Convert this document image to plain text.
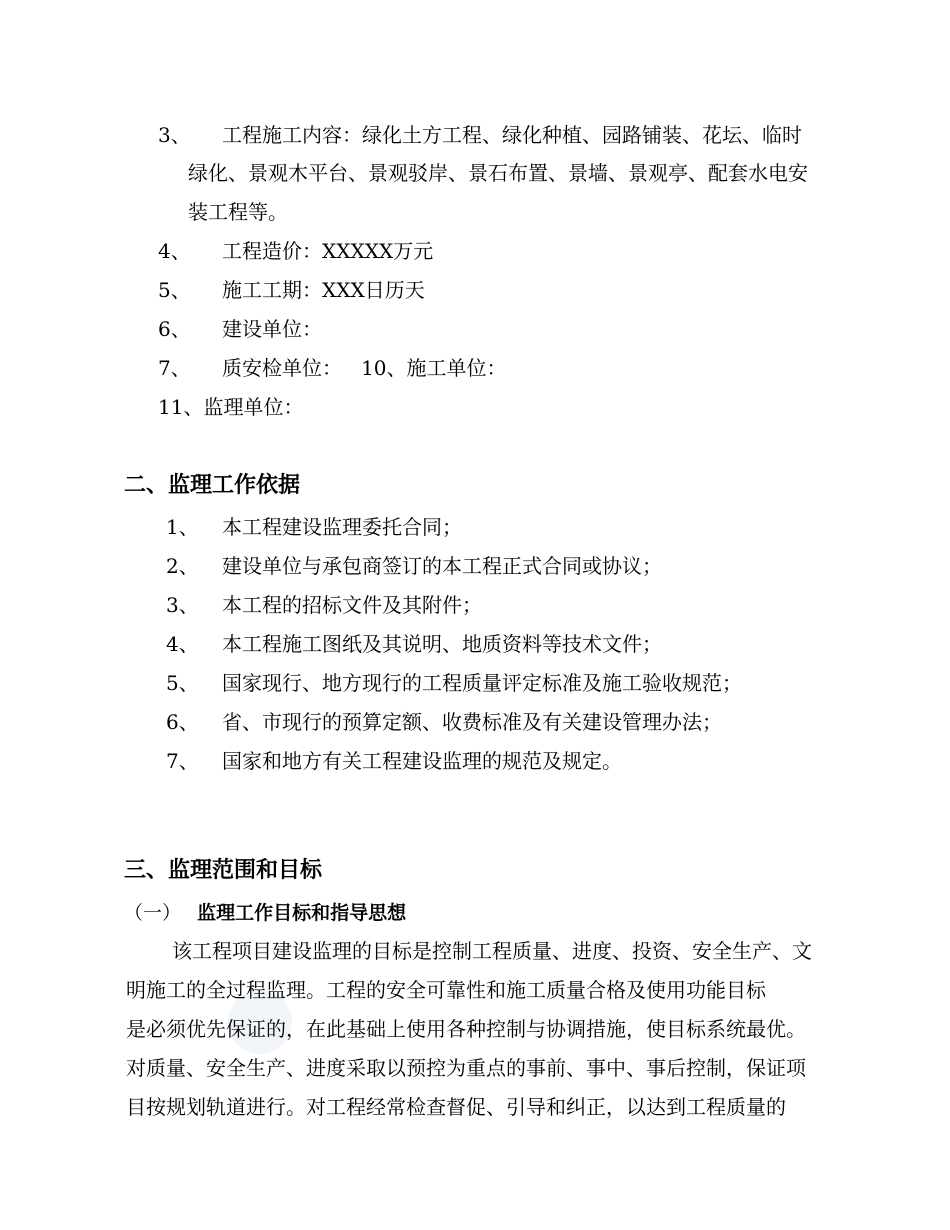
3、 工程施工内容：绿化土方工程、绿化种植、园路铺装、花坛、临时
绿化、景观木平台、景观驳岸、景石布置、景墙、景观亭、配套水电安
装工程等。
4、 工程造价：XXXXX万元
5、 施工工期：XXX日历天
6、 建设单位：
7、 质安检单位：   10、施工单位：
11、监理单位：
二、监理工作依据
1、 本工程建设监理委托合同；
2、 建设单位与承包商签订的本工程正式合同或协议；
3、 本工程的招标文件及其附件；
4、 本工程施工图纸及其说明、地质资料等技术文件；
5、 国家现行、地方现行的工程质量评定标准及施工验收规范；
6、 省、市现行的预算定额、收费标准及有关建设管理办法；
7、 国家和地方有关工程建设监理的规范及规定。
三、监理范围和目标
（一） 监理工作目标和指导思想
该工程项目建设监理的目标是控制工程质量、进度、投资、安全生产、文
明施工的全过程监理。工程的安全可靠性和施工质量合格及使用功能目标
是必须优先保证的，在此基础上使用各种控制与协调措施，使目标系统最优。
对质量、安全生产、进度采取以预控为重点的事前、事中、事后控制，保证项
目按规划轨道进行。对工程经常检查督促、引导和纠正，以达到工程质量的
